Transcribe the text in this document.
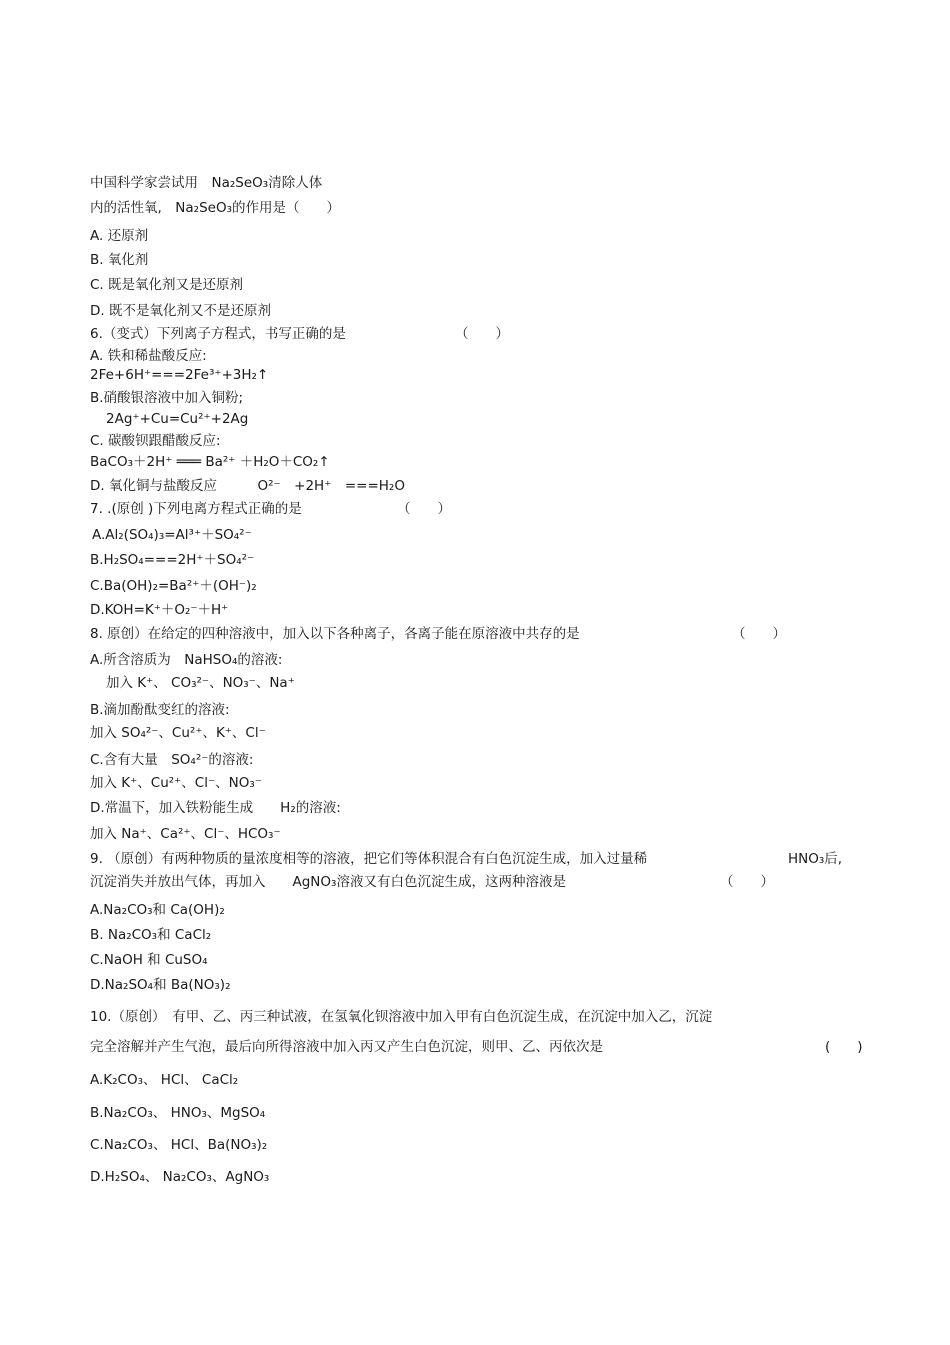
中国科学家尝试用　Na₂SeO₃清除人体
内的活性氧,　Na₂SeO₃的作用是（　　）
A. 还原剂
B. 氧化剂
C. 既是氧化剂又是还原剂
D. 既不是氧化剂又不是还原剂
6.（变式）下列离子方程式，书写正确的是	（　　）
A. 铁和稀盐酸反应:
2Fe+6H⁺===2Fe³⁺+3H₂↑
B.硝酸银溶液中加入铜粉;
2Ag⁺+Cu=Cu²⁺+2Ag
C. 碳酸钡跟醋酸反应:
BaCO₃＋2H⁺ ═══ Ba²⁺ ＋H₂O＋CO₂↑
D. 氧化铜与盐酸反应　　　O²⁻　+2H⁺　===H₂O
7. .(原创 )下列电离方程式正确的是	（　　）
A.Al₂(SO₄)₃=Al³⁺＋SO₄²⁻
B.H₂SO₄===2H⁺＋SO₄²⁻
C.Ba(OH)₂=Ba²⁺＋(OH⁻)₂
D.KOH=K⁺＋O₂⁻＋H⁺
8. 原创）在给定的四种溶液中，加入以下各种离子，各离子能在原溶液中共存的是	（　　）
A.所含溶质为　NaHSO₄的溶液:
加入 K⁺、 CO₃²⁻、NO₃⁻、Na⁺
B.滴加酚酞变红的溶液:
加入 SO₄²⁻、Cu²⁺、K⁺、Cl⁻
C.含有大量　SO₄²⁻的溶液:
加入 K⁺、Cu²⁺、Cl⁻、NO₃⁻
D.常温下，加入铁粉能生成　　H₂的溶液:
加入 Na⁺、Ca²⁺、Cl⁻、HCO₃⁻
9. （原创）有两种物质的量浓度相等的溶液，把它们等体积混合有白色沉淀生成，加入过量稀	HNO₃后,
沉淀消失并放出气体，再加入　　AgNO₃溶液又有白色沉淀生成，这两种溶液是	（　　）
A.Na₂CO₃和 Ca(OH)₂
B. Na₂CO₃和 CaCl₂
C.NaOH 和 CuSO₄
D.Na₂SO₄和 Ba(NO₃)₂
10.（原创）　有甲、乙、丙三种试液，在氢氧化钡溶液中加入甲有白色沉淀生成，在沉淀中加入乙，沉淀
完全溶解并产生气泡，最后向所得溶液中加入丙又产生白色沉淀，则甲、乙、丙依次是	(　　)
A.K₂CO₃、 HCl、 CaCl₂
B.Na₂CO₃、 HNO₃、MgSO₄
C.Na₂CO₃、 HCl、Ba(NO₃)₂
D.H₂SO₄、 Na₂CO₃、AgNO₃
